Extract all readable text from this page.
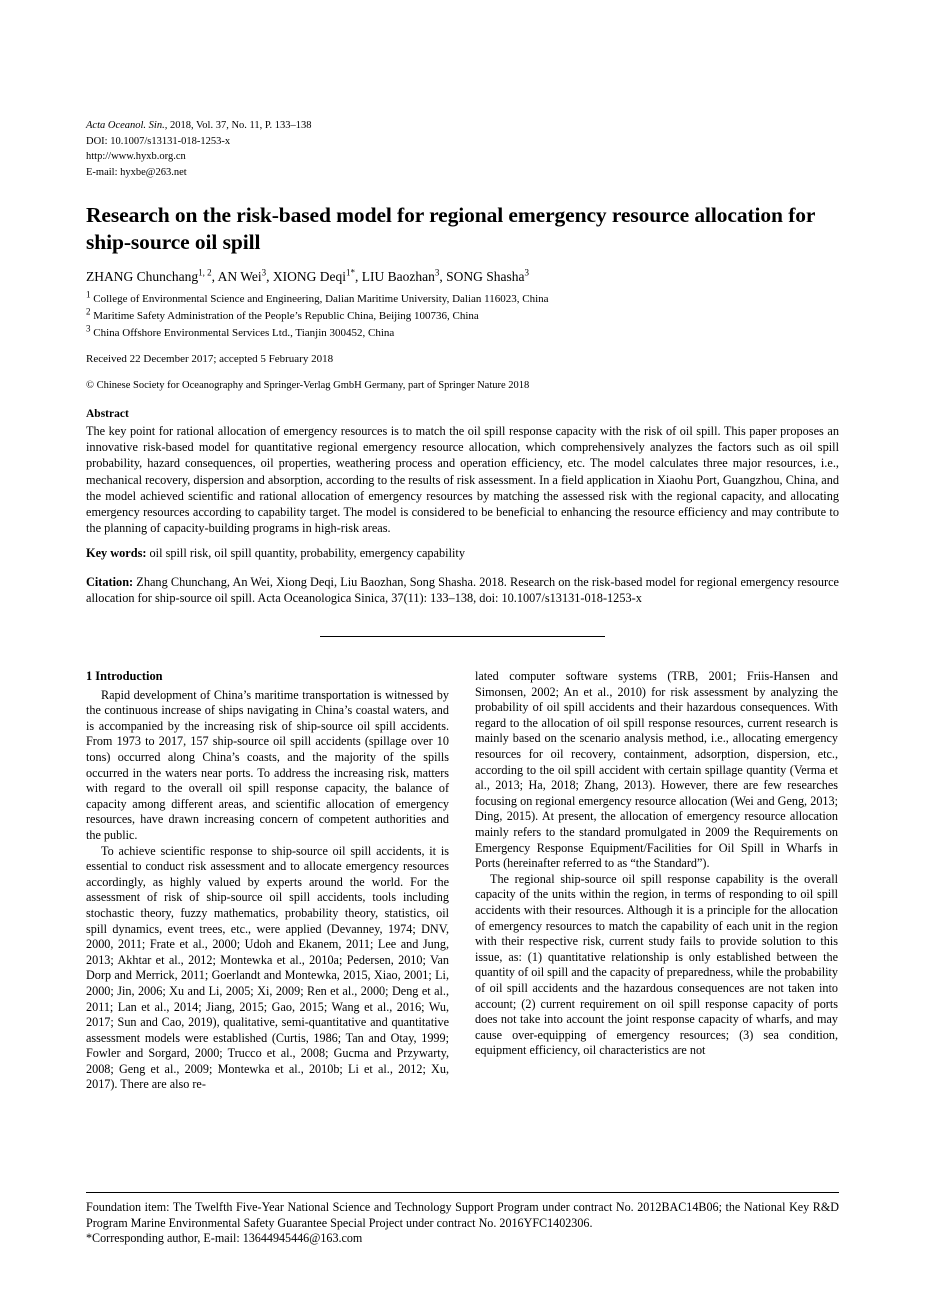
Acta Oceanol. Sin., 2018, Vol. 37, No. 11, P. 133–138
DOI: 10.1007/s13131-018-1253-x
http://www.hyxb.org.cn
E-mail: hyxbe@263.net
Research on the risk-based model for regional emergency resource allocation for ship-source oil spill
ZHANG Chunchang$^{1, 2}$, AN Wei$^3$, XIONG Deqi$^{1*}$, LIU Baozhan$^3$, SONG Shasha$^3$
$^1$ College of Environmental Science and Engineering, Dalian Maritime University, Dalian 116023, China
$^2$ Maritime Safety Administration of the People’s Republic China, Beijing 100736, China
$^3$ China Offshore Environmental Services Ltd., Tianjin 300452, China
Received 22 December 2017; accepted 5 February 2018
© Chinese Society for Oceanography and Springer-Verlag GmbH Germany, part of Springer Nature 2018
Abstract
The key point for rational allocation of emergency resources is to match the oil spill response capacity with the risk of oil spill. This paper proposes an innovative risk-based model for quantitative regional emergency resource allocation, which comprehensively analyzes the factors such as oil spill probability, hazard consequences, oil properties, weathering process and operation efficiency, etc. The model calculates three major resources, i.e., mechanical recovery, dispersion and absorption, according to the results of risk assessment. In a field application in Xiaohu Port, Guangzhou, China, and the model achieved scientific and rational allocation of emergency resources by matching the assessed risk with the regional capacity, and allocating emergency resources according to capability target. The model is considered to be beneficial to enhancing the resource efficiency and may contribute to the planning of capacity-building programs in high-risk areas.
Key words: oil spill risk, oil spill quantity, probability, emergency capability
Citation: Zhang Chunchang, An Wei, Xiong Deqi, Liu Baozhan, Song Shasha. 2018. Research on the risk-based model for regional emergency resource allocation for ship-source oil spill. Acta Oceanologica Sinica, 37(11): 133–138, doi: 10.1007/s13131-018-1253-x
1 Introduction

Rapid development of China’s maritime transportation is witnessed by the continuous increase of ships navigating in China’s coastal waters, and is accompanied by the increasing risk of ship-source oil spill accidents. From 1973 to 2017, 157 ship-source oil spill accidents (spillage over 10 tons) occurred along China’s coasts, and the majority of the spills occurred in the waters near ports. To address the increasing risk, matters with regard to the overall oil spill response capacity, the balance of capacity among different areas, and scientific allocation of emergency resources, have drawn increasing concern of competent authorities and the public.

To achieve scientific response to ship-source oil spill accidents, it is essential to conduct risk assessment and to allocate emergency resources accordingly, as highly valued by experts around the world. For the assessment of risk of ship-source oil spill accidents, tools including stochastic theory, fuzzy mathematics, probability theory, statistics, oil spill dynamics, event trees, etc., were applied (Devanney, 1974; DNV, 2000, 2011; Frate et al., 2000; Udoh and Ekanem, 2011; Lee and Jung, 2013; Akhtar et al., 2012; Montewka et al., 2010a; Pedersen, 2010; Van Dorp and Merrick, 2011; Goerlandt and Montewka, 2015, Xiao, 2001; Li, 2000; Jin, 2006; Xu and Li, 2005; Xi, 2009; Ren et al., 2000; Deng et al., 2011; Lan et al., 2014; Jiang, 2015; Gao, 2015; Wang et al., 2016; Wu, 2017; Sun and Cao, 2019), qualitative, semi-quantitative and quantitative assessment models were established (Curtis, 1986; Tan and Otay, 1999; Fowler and Sorgard, 2000; Trucco et al., 2008; Gucma and Przywarty, 2008; Geng et al., 2009; Montewka et al., 2010b; Li et al., 2012; Xu, 2017). There are also re-

lated computer software systems (TRB, 2001; Friis-Hansen and Simonsen, 2002; An et al., 2010) for risk assessment by analyzing the probability of oil spill accidents and their hazardous consequences. With regard to the allocation of oil spill response resources, current research is mainly based on the scenario analysis method, i.e., allocating emergency resources for oil recovery, containment, adsorption, dispersion, etc., according to the oil spill accident with certain spillage quantity (Verma et al., 2013; Ha, 2018; Zhang, 2013). However, there are few researches focusing on regional emergency resource allocation (Wei and Geng, 2013; Ding, 2015). At present, the allocation of emergency resource allocation mainly refers to the standard promulgated in 2009 the Requirements on Emergency Response Equipment/Facilities for Oil Spill in Wharfs in Ports (hereinafter referred to as “the Standard”).

The regional ship-source oil spill response capability is the overall capacity of the units within the region, in terms of responding to oil spill accidents with their resources. Although it is a principle for the allocation of emergency resources to match the capability of each unit in the region with their respective risk, current study fails to provide solution to this issue, as: (1) quantitative relationship is only established between the quantity of oil spill and the capacity of preparedness, while the probability of oil spill accidents and the hazardous consequences are not taken into account; (2) current requirement on oil spill response capacity of ports does not take into account the joint response capacity of wharfs, and may cause over-equipping of emergency resources; (3) sea condition, equipment efficiency, oil characteristics are not

Foundation item: The Twelfth Five-Year National Science and Technology Support Program under contract No. 2012BAC14B06; the National Key R&D Program Marine Environmental Safety Guarantee Special Project under contract No. 2016YFC1402306.

*Corresponding author, E-mail: 13644945446@163.com
